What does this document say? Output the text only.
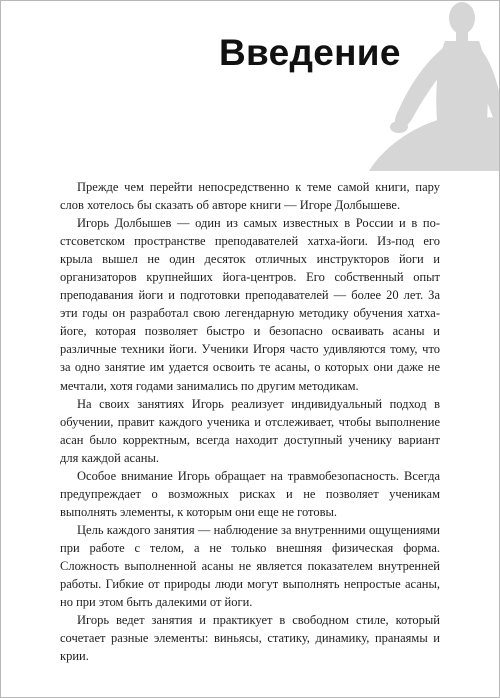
Введение

Прежде чем перейти непосредственно к теме самой книги, пару слов хотелось бы сказать об авторе книги — Игоре Долбышеве.

Игорь Долбышев — один из самых известных в России и в постсоветском пространстве преподавателей хатха-йоги. Из-под его крыла вышел не один десяток отличных инструкторов йоги и организаторов крупнейших йога-центров. Его собственный опыт преподавания йоги и подготовки преподавателей — более 20 лет. За эти годы он разработал свою легендарную методику обучения хатха-йоге, которая позволяет быстро и безопасно осваивать асаны и различные техники йоги. Ученики Игоря часто удивляются тому, что за одно занятие им удается освоить те асаны, о которых они даже не мечтали, хотя годами занимались по другим методикам.

На своих занятиях Игорь реализует индивидуальный подход в обучении, правит каждого ученика и отслеживает, чтобы выполнение асан было корректным, всегда находит доступный ученику вариант для каждой асаны.

Особое внимание Игорь обращает на травмобезопасность. Всегда предупреждает о возможных рисках и не позволяет ученикам выполнять элементы, к которым они еще не готовы.

Цель каждого занятия — наблюдение за внутренними ощущениями при работе с телом, а не только внешняя физическая форма. Сложность выполненной асаны не является показателем внутренней работы. Гибкие от природы люди могут выполнять непростые асаны, но при этом быть далекими от йоги.

Игорь ведет занятия и практикует в свободном стиле, который сочетает разные элементы: виньясы, статику, динамику, пранаямы и крии.
